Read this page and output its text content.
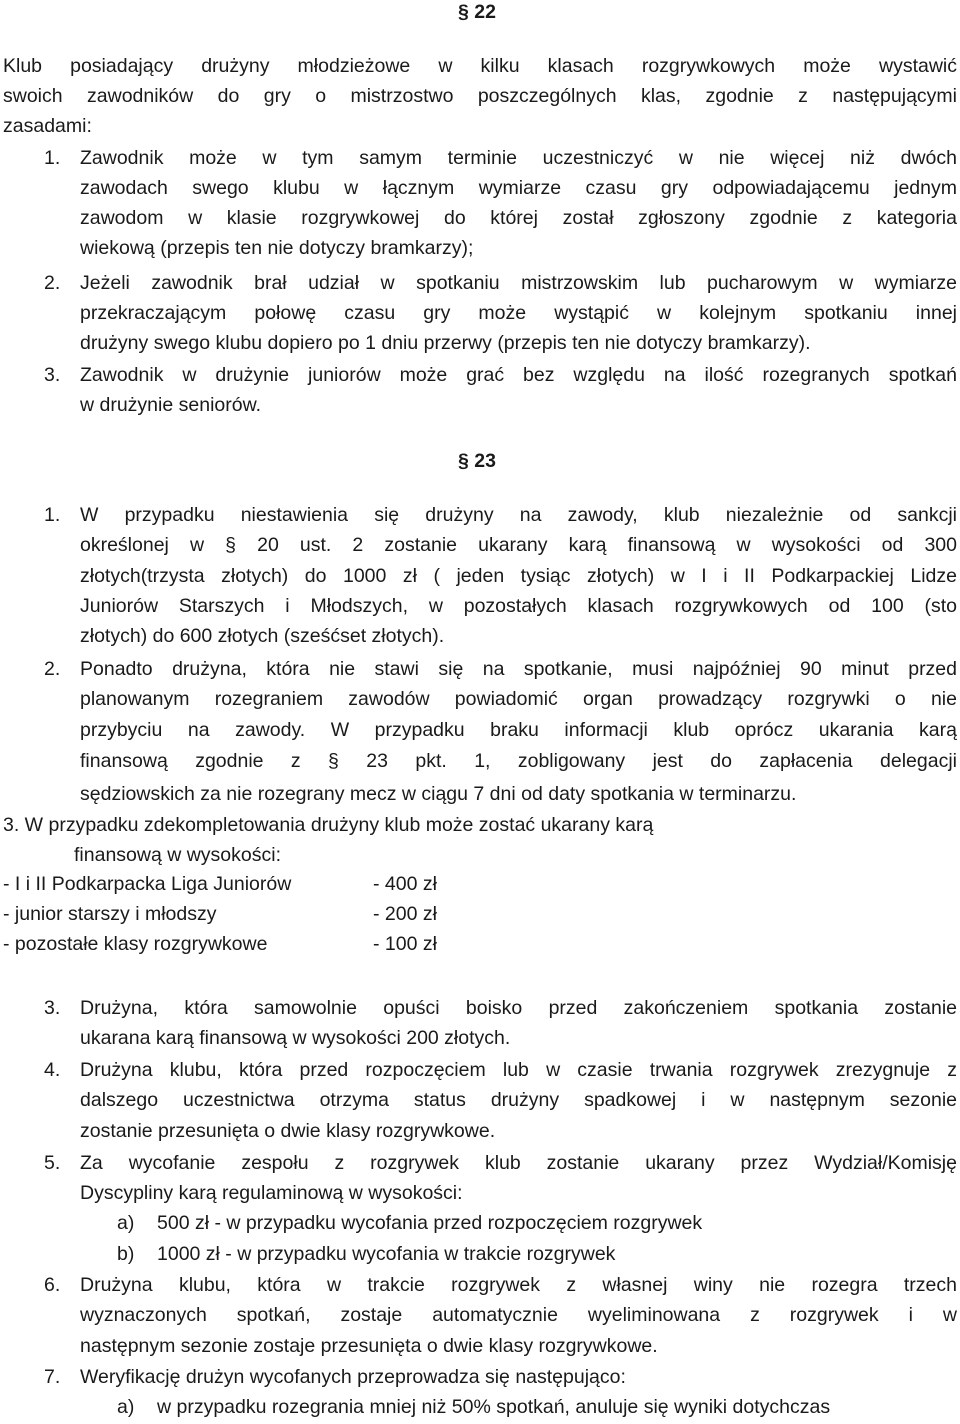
§ 22
Klub posiadający drużyny młodzieżowe w kilku klasach rozgrywkowych może wystawić
swoich zawodników do gry o mistrzostwo poszczególnych klas, zgodnie z następującymi
zasadami:
1. Zawodnik może w tym samym terminie uczestniczyć w nie więcej niż dwóch
zawodach swego klubu w łącznym wymiarze czasu gry odpowiadającemu jednym
zawodom w klasie rozgrywkowej do której został zgłoszony zgodnie z kategoria
wiekową (przepis ten nie dotyczy bramkarzy);
2. Jeżeli zawodnik brał udział w spotkaniu mistrzowskim lub pucharowym w wymiarze
przekraczającym połowę czasu gry może wystąpić w kolejnym spotkaniu innej
drużyny swego klubu dopiero po 1 dniu przerwy (przepis ten nie dotyczy bramkarzy).
3. Zawodnik w drużynie juniorów może grać bez względu na ilość rozegranych spotkań
w drużynie seniorów.
§ 23
1. W przypadku niestawienia się drużyny na zawody, klub niezależnie od sankcji
określonej w § 20 ust. 2 zostanie ukarany karą finansową w wysokości od 300
złotych(trzysta złotych) do 1000 zł ( jeden tysiąc złotych) w I i II Podkarpackiej Lidze
Juniorów Starszych i Młodszych, w pozostałych klasach rozgrywkowych od 100 (sto
złotych) do 600 złotych (sześćset złotych).
2. Ponadto drużyna, która nie stawi się na spotkanie, musi najpóźniej 90 minut przed
planowanym rozegraniem zawodów powiadomić organ prowadzący rozgrywki o nie
przybyciu na zawody. W przypadku braku informacji klub oprócz ukarania karą
finansową zgodnie z § 23 pkt. 1, zobligowany jest do zapłacenia delegacji
sędziowskich za nie rozegrany mecz w ciągu 7 dni od daty spotkania w terminarzu.
3. W przypadku zdekompletowania drużyny klub może zostać ukarany karą
finansową w wysokości:
- I i II Podkarpacka Liga Juniorów	- 400 zł
- junior starszy i młodszy	- 200 zł
- pozostałe klasy rozgrywkowe	- 100 zł
3. Drużyna, która samowolnie opuści boisko przed zakończeniem spotkania zostanie
ukarana karą finansową w wysokości 200 złotych.
4. Drużyna klubu, która przed rozpoczęciem lub w czasie trwania rozgrywek zrezygnuje z
dalszego uczestnictwa otrzyma status drużyny spadkowej i w następnym sezonie
zostanie przesunięta o dwie klasy rozgrywkowe.
5. Za wycofanie zespołu z rozgrywek klub zostanie ukarany przez Wydział/Komisję
Dyscypliny karą regulaminową w wysokości:
a) 500 zł - w przypadku wycofania przed rozpoczęciem rozgrywek
b) 1000 zł - w przypadku wycofania w trakcie rozgrywek
6. Drużyna klubu, która w trakcie rozgrywek z własnej winy nie rozegra trzech
wyznaczonych spotkań, zostaje automatycznie wyeliminowana z rozgrywek i w
następnym sezonie zostaje przesunięta o dwie klasy rozgrywkowe.
7. Weryfikację drużyn wycofanych przeprowadza się następująco:
a) w przypadku rozegrania mniej niż 50% spotkań, anuluje się wyniki dotychczas
